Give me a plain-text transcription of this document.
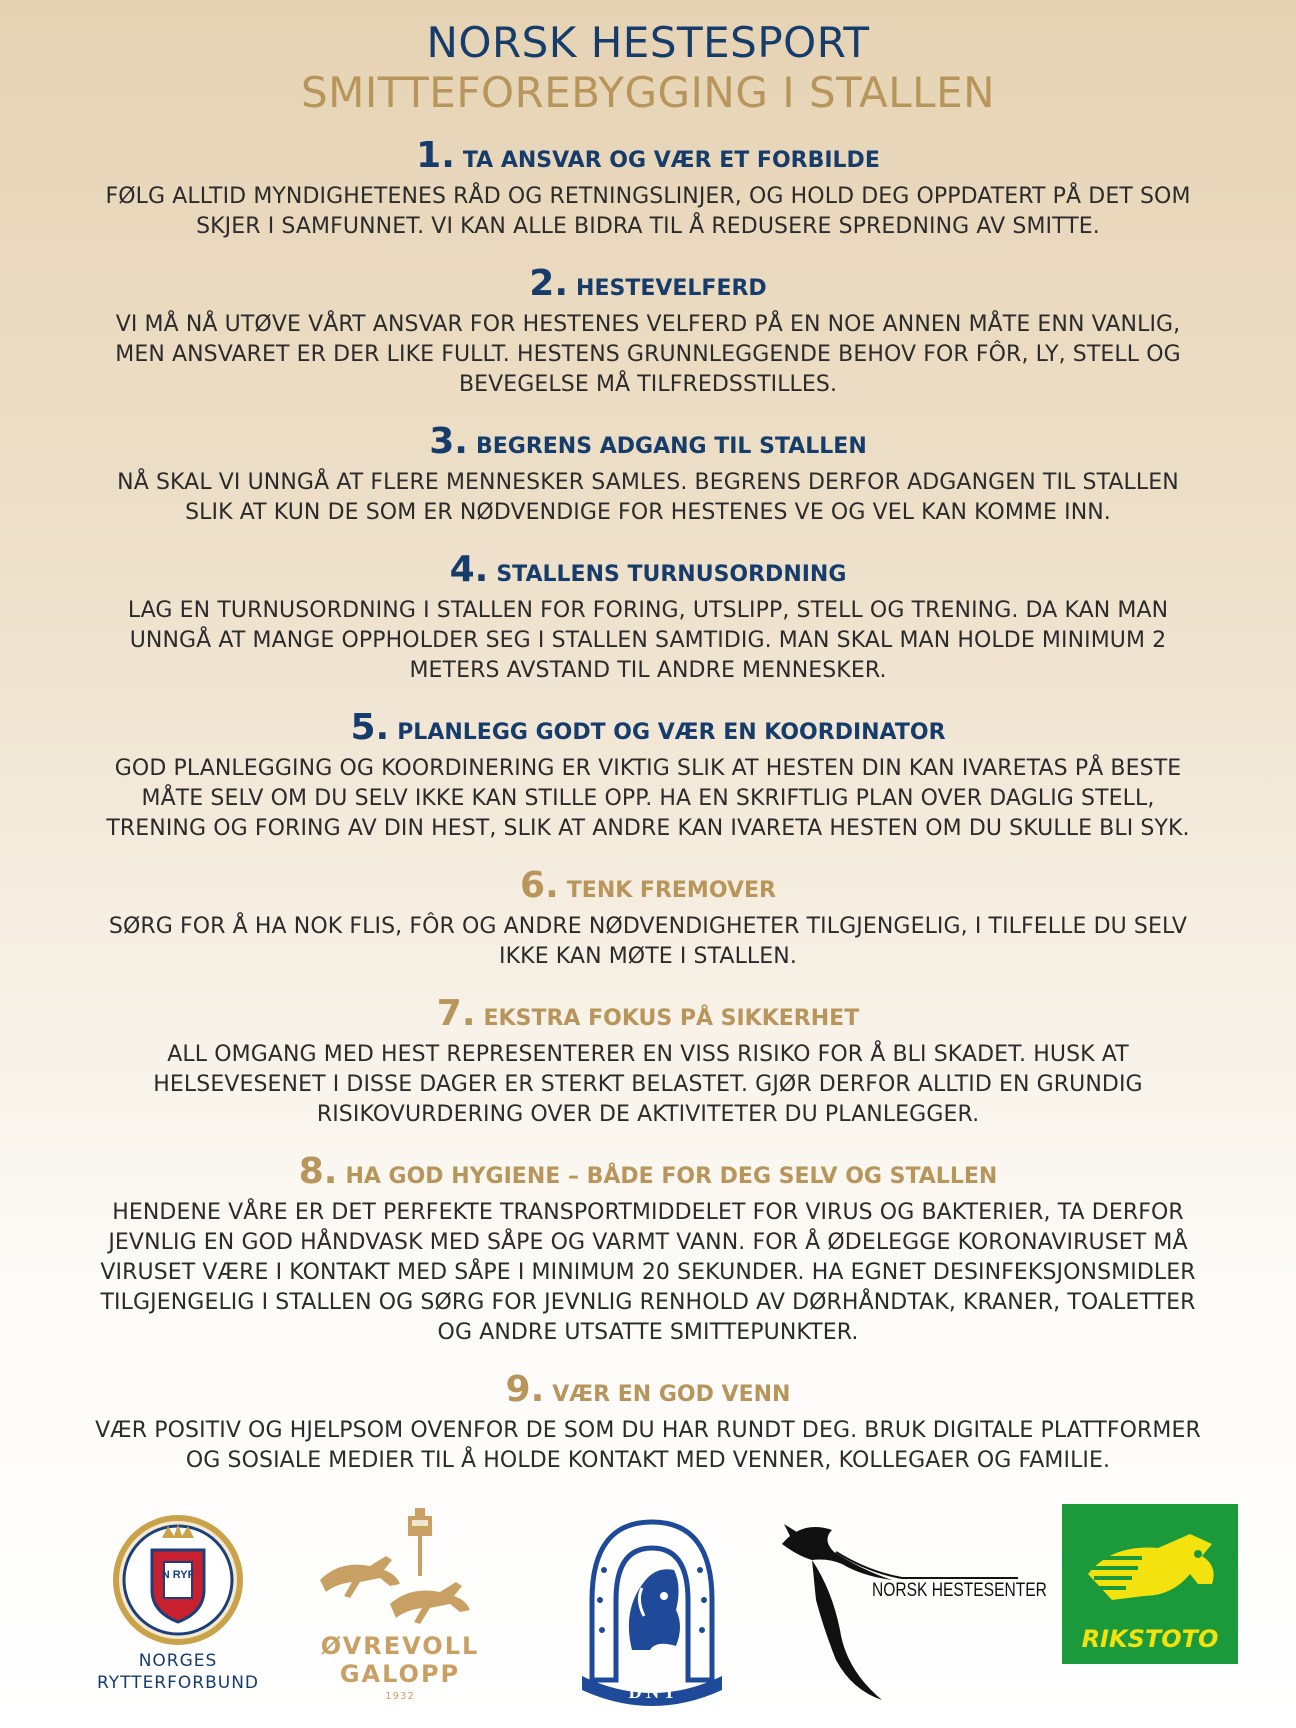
NORSK HESTESPORT
SMITTEFOREBYGGING I STALLEN
1. TA ANSVAR OG VÆR ET FORBILDE
FØLG ALLTID MYNDIGHETENES RÅD OG RETNINGSLINJER, OG HOLD DEG OPPDATERT PÅ DET SOM SKJER I SAMFUNNET. VI KAN ALLE BIDRA TIL Å REDUSERE SPREDNING AV SMITTE.
2. HESTEVELFERD
VI MÅ NÅ UTØVE VÅRT ANSVAR FOR HESTENES VELFERD PÅ EN NOE ANNEN MÅTE ENN VANLIG, MEN ANSVARET ER DER LIKE FULLT. HESTENS GRUNNLEGGENDE BEHOV FOR FÔR, LY, STELL OG BEVEGELSE MÅ TILFREDSSTILLES.
3. BEGRENS ADGANG TIL STALLEN
NÅ SKAL VI UNNGÅ AT FLERE MENNESKER SAMLES. BEGRENS DERFOR ADGANGEN TIL STALLEN SLIK AT KUN DE SOM ER NØDVENDIGE FOR HESTENES VE OG VEL KAN KOMME INN.
4. STALLENS TURNUSORDNING
LAG EN TURNUSORDNING I STALLEN FOR FORING, UTSLIPP, STELL OG TRENING. DA KAN MAN UNNGÅ AT MANGE OPPHOLDER SEG I STALLEN SAMTIDIG. MAN SKAL MAN HOLDE MINIMUM 2 METERS AVSTAND TIL ANDRE MENNESKER.
5. PLANLEGG GODT OG VÆR EN KOORDINATOR
GOD PLANLEGGING OG KOORDINERING ER VIKTIG SLIK AT HESTEN DIN KAN IVARETAS PÅ BESTE MÅTE SELV OM DU SELV IKKE KAN STILLE OPP. HA EN SKRIFTLIG PLAN OVER DAGLIG STELL, TRENING OG FORING AV DIN HEST, SLIK AT ANDRE KAN IVARETA HESTEN OM DU SKULLE BLI SYK.
6. TENK FREMOVER
SØRG FOR Å HA NOK FLIS, FÔR OG ANDRE NØDVENDIGHETER TILGJENGELIG, I TILFELLE DU SELV IKKE KAN MØTE I STALLEN.
7. EKSTRA FOKUS PÅ SIKKERHET
ALL OMGANG MED HEST REPRESENTERER EN VISS RISIKO FOR Å BLI SKADET. HUSK AT HELSEVESENET I DISSE DAGER ER STERKT BELASTET. GJØR DERFOR ALLTID EN GRUNDIG RISIKOVURDERING OVER DE AKTIVITETER DU PLANLEGGER.
8. HA GOD HYGIENE – BÅDE FOR DEG SELV OG STALLEN
HENDENE VÅRE ER DET PERFEKTE TRANSPORTMIDDELET FOR VIRUS OG BAKTERIER, TA DERFOR JEVNLIG EN GOD HÅNDVASK MED SÅPE OG VARMT VANN. FOR Å ØDELEGGE KORONAVIRUSET MÅ VIRUSET VÆRE I KONTAKT MED SÅPE I MINIMUM 20 SEKUNDER. HA EGNET DESINFEKSJONSMIDLER TILGJENGELIG I STALLEN OG SØRG FOR JEVNLIG RENHOLD AV DØRHÅNDTAK, KRANER, TOALETTER OG ANDRE UTSATTE SMITTEPUNKTER.
9. VÆR EN GOD VENN
VÆR POSITIV OG HJELPSOM OVENFOR DE SOM DU HAR RUNDT DEG. BRUK DIGITALE PLATTFORMER OG SOSIALE MEDIER TIL Å HOLDE KONTAKT MED VENNER, KOLLEGAER OG FAMILIE.
N RYF
NORGES
RYTTERFORBUND
ØVREVOLL
GALOPP
1932	D N T
NORSK HESTESENTER
RIKSTOTO
